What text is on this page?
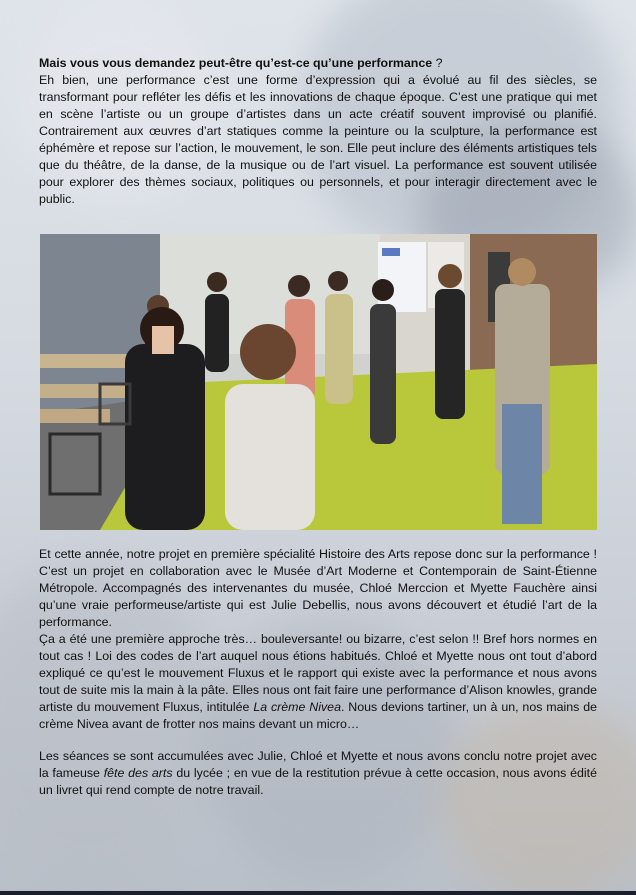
Mais vous vous demandez peut-être qu’est-ce qu’une performance ?

Eh bien, une performance c’est une forme d’expression qui a évolué au fil des siècles, se transformant pour refléter les défis et les innovations de chaque époque. C’est une pratique qui met en scène l’artiste ou un groupe d’artistes dans un acte créatif souvent improvisé ou planifié. Contrairement aux œuvres d’art statiques comme la peinture ou la sculpture, la performance est éphémère et repose sur l’action, le mouvement, le son. Elle peut inclure des éléments artistiques tels que du théâtre, de la danse, de la musique ou de l’art visuel. La performance est souvent utilisée pour explorer des thèmes sociaux, politiques ou personnels, et pour interagir directement avec le public.

Et cette année, notre projet en première spécialité Histoire des Arts repose donc sur la performance ! C’est un projet en collaboration avec le Musée d’Art Moderne et Contemporain de Saint-Étienne Métropole. Accompagnés des intervenantes du musée, Chloé Merccion et Myette Fauchère ainsi qu’une vraie performeuse/artiste qui est Julie Debellis, nous avons découvert et étudié l’art de la performance.

Ça a été une première approche très… bouleversante! ou bizarre, c’est selon !! Bref hors normes en tout cas ! Loi des codes de l’art auquel nous étions habitués. Chloé et Myette nous ont tout d’abord expliqué ce qu’est le mouvement Fluxus et le rapport qui existe avec la performance et nous avons tout de suite mis la main à la pâte. Elles nous ont fait faire une performance d’Alison knowles, grande artiste du mouvement Fluxus, intitulée La crème Nivea. Nous devions tartiner, un à un, nos mains de crème Nivea avant de frotter nos mains devant un micro…

Les séances se sont accumulées avec Julie, Chloé et Myette et nous avons conclu notre projet avec la fameuse fête des arts du lycée ; en vue de la restitution prévue à cette occasion, nous avons édité un livret qui rend compte de notre travail.
